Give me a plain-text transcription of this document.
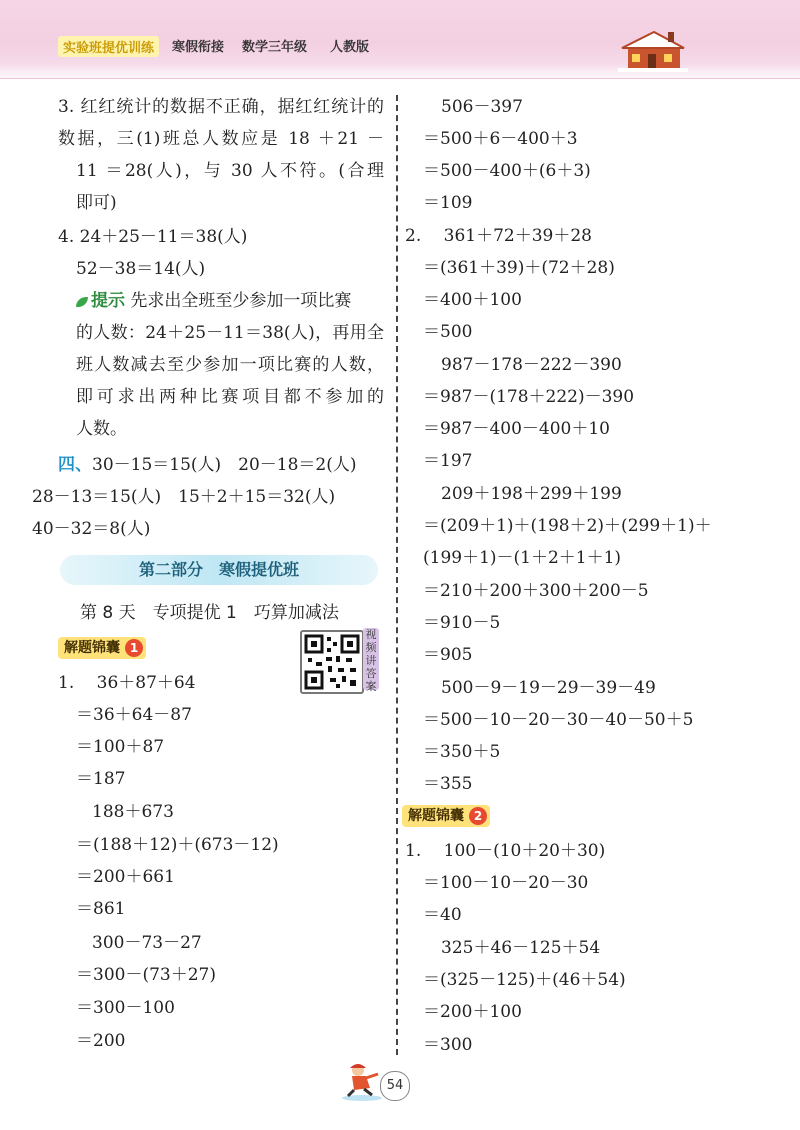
实验班提优训练	寒假衔接 数学三年级 人教版
3. 红红统计的数据不正确，据红红统计的
数据，三(1)班总人数应是 18 ＋21 －
11 ＝28(人)，与 30 人不符。(合理
即可)
4. 24＋25－11＝38(人)
52－38＝14(人)
提示 先求出全班至少参加一项比赛
的人数：24＋25－11＝38(人)，再用全
班人数减去至少参加一项比赛的人数，
即可求出两种比赛项目都不参加的
人数。
四、30－15＝15(人)　20－18＝2(人)
28－13＝15(人)　15＋2＋15＝32(人)
40－32＝8(人)
第二部分　寒假提优班
第 8 天　专项提优 1　巧算加减法
解题锦囊 1
视频讲答案
1.　 36＋87＋64
＝36＋64－87
＝100＋87
＝187
188＋673
＝(188＋12)＋(673－12)
＝200＋661
＝861
300－73－27
＝300－(73＋27)
＝300－100
＝200
506－397
＝500＋6－400＋3
＝500－400＋(6＋3)
＝109
2.　 361＋72＋39＋28
＝(361＋39)＋(72＋28)
＝400＋100
＝500
987－178－222－390
＝987－(178＋222)－390
＝987－400－400＋10
＝197
209＋198＋299＋199
＝(209＋1)＋(198＋2)＋(299＋1)＋
(199＋1)－(1＋2＋1＋1)
＝210＋200＋300＋200－5
＝910－5
＝905
500－9－19－29－39－49
＝500－10－20－30－40－50＋5
＝350＋5
＝355
解题锦囊 2
1.　 100－(10＋20＋30)
＝100－10－20－30
＝40
325＋46－125＋54
＝(325－125)＋(46＋54)
＝200＋100
＝300
54
